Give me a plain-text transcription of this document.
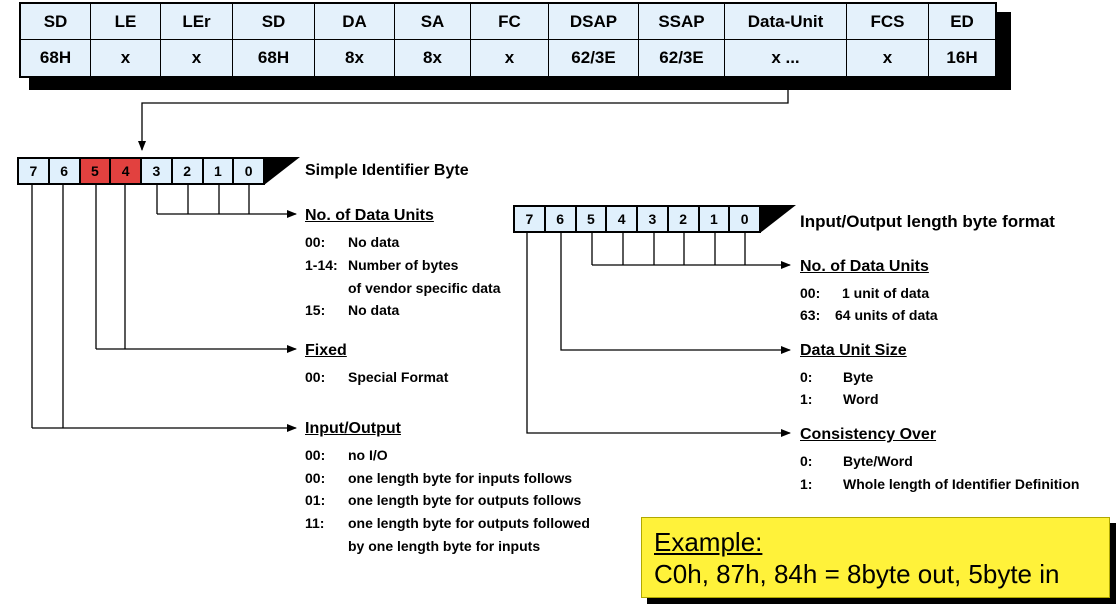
SD	LE	LEr	SD	DA	SA	FC	DSAP	SSAP	Data-Unit	FCS	ED
68H	x	x	68H	8x	8x	x	62/3E	62/3E	x ...	x	16H
7	6	5	4	3	2	1	0	Simple Identifier Byte
7	6	5	4	3	2	1	0	Input/Output length byte format
No. of Data Units
00: No data
1-14: Number of bytes
of vendor specific data
15: No data
Fixed
00: Special Format
Input/Output
00: no I/O
00: one length byte for inputs follows
01: one length byte for outputs follows
11: one length byte for outputs followed
by one length byte for inputs
No. of Data Units
00: 1 unit of data
63: 64 units of data
Data Unit Size
0: Byte
1: Word
Consistency Over
0: Byte/Word
1: Whole length of Identifier Definition
Example:
C0h, 87h, 84h = 8byte out, 5byte in
